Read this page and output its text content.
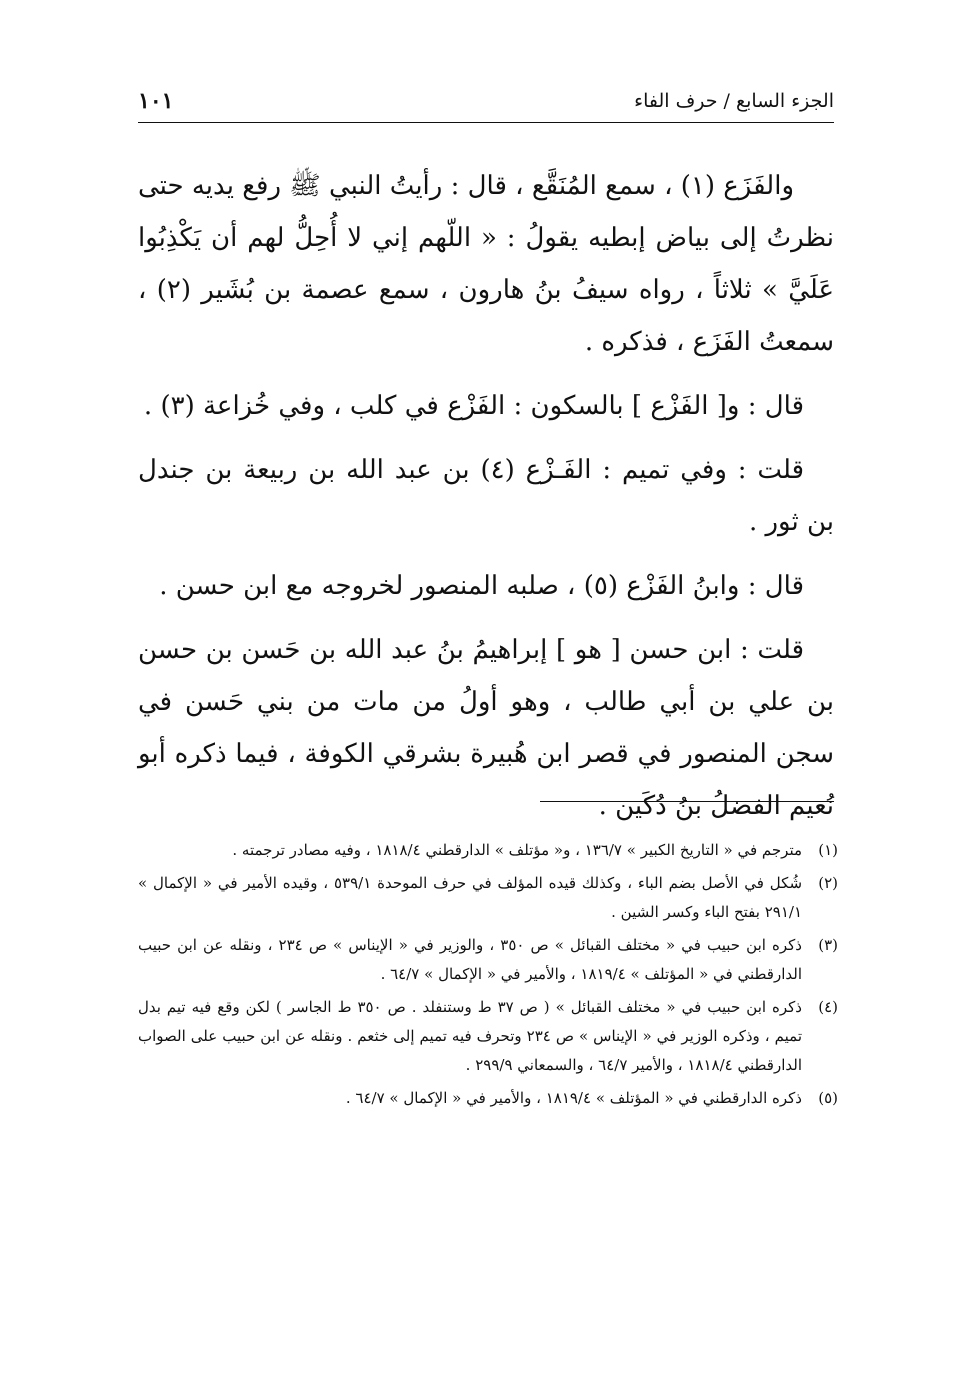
الجزء السابع / حرف الفاء
١٠١

والفَزَع (١) ، سمع المُنَقَّع ، قال : رأيتُ النبي ﷺ رفع يديه حتى نظرتُ إلى بياض إبطيه يقولُ : « اللّهم إني لا أُحِلُّ لهم أن يَكْذِبُوا عَلَيَّ » ثلاثاً ، رواه سيفُ بنُ هارون ، سمع عصمة بن بُشَير (٢) ، سمعتُ الفَزَع ، فذكره .

قال : و[ الفَزْع ] بالسكون : الفَزْع في كلب ، وفي خُزاعة (٣) .

قلت : وفي تميم : الفَـزْع (٤) بن عبد الله بن ربيعة بن جندل بن ثور .

قال : وابنُ الفَزْع (٥) ، صلبه المنصور لخروجه مع ابن حسن .

قلت : ابن حسن [ هو ] إبراهيمُ بنُ عبد الله بن حَسن بن حسن بن علي بن أبي طالب ، وهو أولُ من مات من بني حَسن في سجن المنصور في قصر ابن هُبيرة بشرقي الكوفة ، فيما ذكره أبو نُعيم الفضلُ بنُ دُكَين .

(١)
مترجم في « التاريخ الكبير » ١٣٦/٧ ، و« مؤتلف » الدارقطني ١٨١٨/٤ ، وفيه مصادر ترجمته .
(٢)
شُكل في الأصل بضم الباء ، وكذلك قيده المؤلف في حرف الموحدة ٥٣٩/١ ، وقيده الأمير في « الإكمال » ٢٩١/١ بفتح الباء وكسر الشين .
(٣)
ذكره ابن حبيب في « مختلف القبائل » ص ٣٥٠ ، والوزير في « الإيناس » ص ٢٣٤ ، ونقله عن ابن حبيب الدارقطني في « المؤتلف » ١٨١٩/٤ ، والأمير في « الإكمال » ٦٤/٧ .
(٤)
ذكره ابن حبيب في « مختلف القبائل » ( ص ٣٧ ط وستنفلد . ص ٣٥٠ ط الجاسر ) لكن وقع فيه تيم بدل تميم ، وذكره الوزير في « الإيناس » ص ٢٣٤ وتحرف فيه تميم إلى خثعم . ونقله عن ابن حبيب على الصواب الدارقطني ١٨١٨/٤ ، والأمير ٦٤/٧ ، والسمعاني ٢٩٩/٩ .
(٥)
ذكره الدارقطني في « المؤتلف » ١٨١٩/٤ ، والأمير في « الإكمال » ٦٤/٧ .
